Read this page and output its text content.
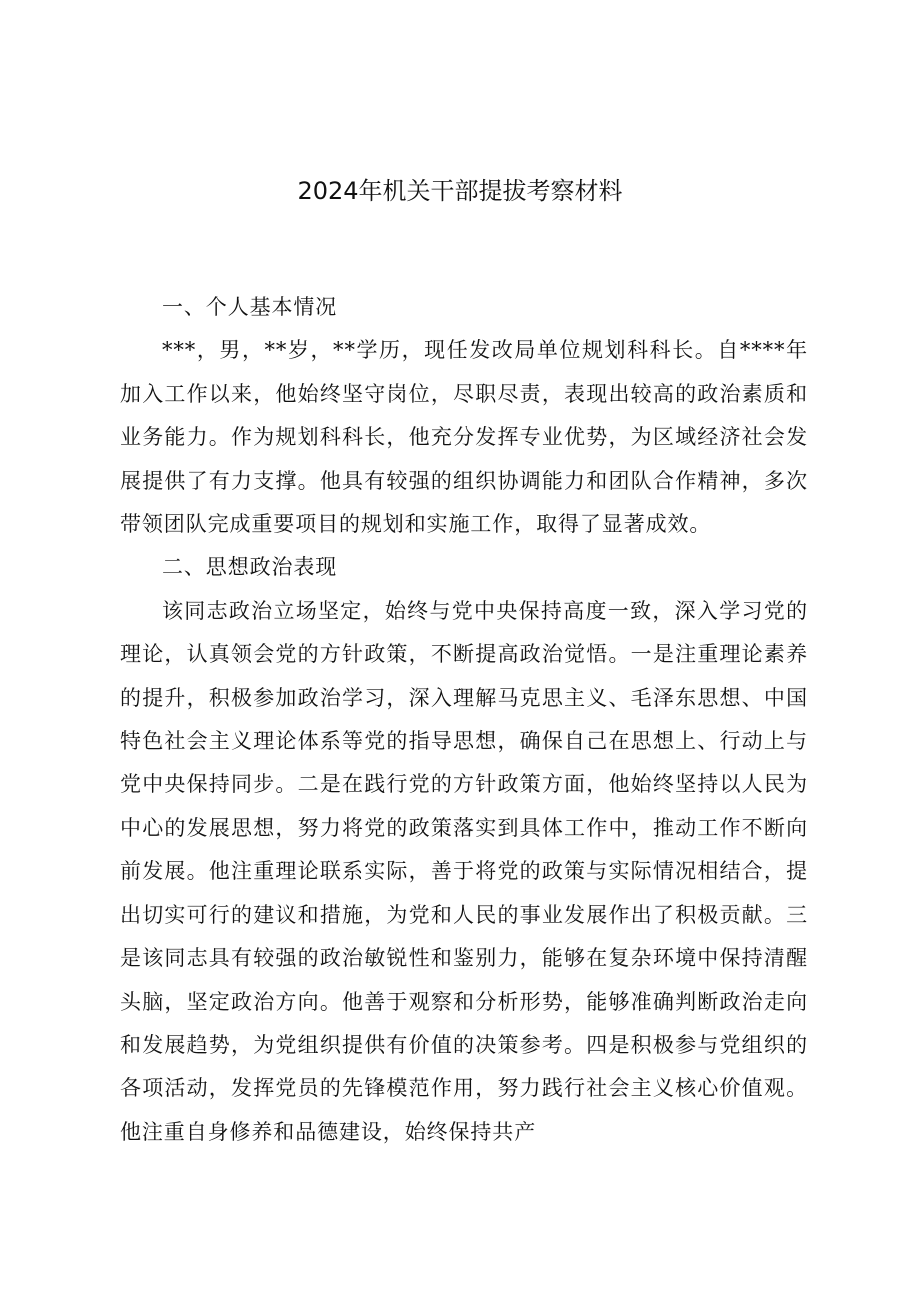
2024年机关干部提拔考察材料

一、个人基本情况

***，男，**岁，**学历，现任发改局单位规划科科长。自****年加入工作以来，他始终坚守岗位，尽职尽责，表现出较高的政治素质和业务能力。作为规划科科长，他充分发挥专业优势，为区域经济社会发展提供了有力支撑。他具有较强的组织协调能力和团队合作精神，多次带领团队完成重要项目的规划和实施工作，取得了显著成效。

二、思想政治表现

该同志政治立场坚定，始终与党中央保持高度一致，深入学习党的理论，认真领会党的方针政策，不断提高政治觉悟。一是注重理论素养的提升，积极参加政治学习，深入理解马克思主义、毛泽东思想、中国特色社会主义理论体系等党的指导思想，确保自己在思想上、行动上与党中央保持同步。二是在践行党的方针政策方面，他始终坚持以人民为中心的发展思想，努力将党的政策落实到具体工作中，推动工作不断向前发展。他注重理论联系实际，善于将党的政策与实际情况相结合，提出切实可行的建议和措施，为党和人民的事业发展作出了积极贡献。三是该同志具有较强的政治敏锐性和鉴别力，能够在复杂环境中保持清醒头脑，坚定政治方向。他善于观察和分析形势，能够准确判断政治走向和发展趋势，为党组织提供有价值的决策参考。四是积极参与党组织的各项活动，发挥党员的先锋模范作用，努力践行社会主义核心价值观。他注重自身修养和品德建设，始终保持共产
